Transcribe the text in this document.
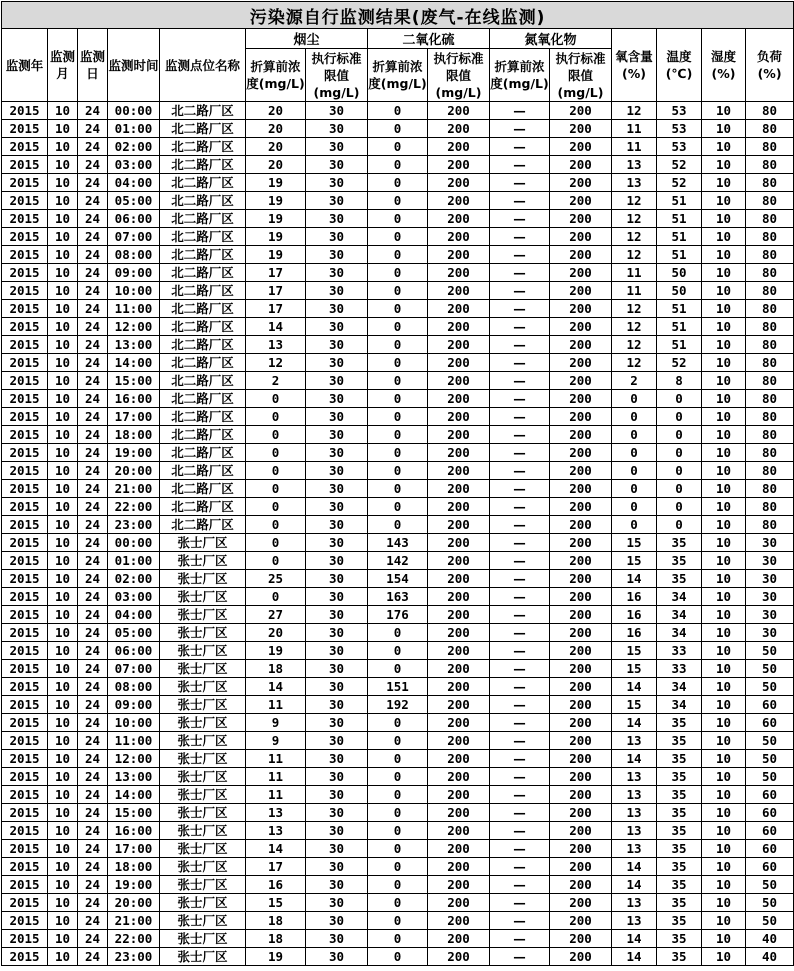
污染源自行监测结果(废气-在线监测)														
监测年	监测月	监测日	监测时间	监测点位名称	烟尘		二氧化硫		氮氧化物		氧含量(%)	温度(℃)	湿度(%)	负荷(%)
					折算前浓度(mg/L)	执行标准限值(mg/L)	折算前浓度(mg/L)	执行标准限值(mg/L)	折算前浓度(mg/L)	执行标准限值(mg/L)				
2015	10	24	00:00	北二路厂区	20	30	0	200	—	200	12	53	10	80
2015	10	24	01:00	北二路厂区	20	30	0	200	—	200	11	53	10	80
2015	10	24	02:00	北二路厂区	20	30	0	200	—	200	11	53	10	80
2015	10	24	03:00	北二路厂区	20	30	0	200	—	200	13	52	10	80
2015	10	24	04:00	北二路厂区	19	30	0	200	—	200	13	52	10	80
2015	10	24	05:00	北二路厂区	19	30	0	200	—	200	12	51	10	80
2015	10	24	06:00	北二路厂区	19	30	0	200	—	200	12	51	10	80
2015	10	24	07:00	北二路厂区	19	30	0	200	—	200	12	51	10	80
2015	10	24	08:00	北二路厂区	19	30	0	200	—	200	12	51	10	80
2015	10	24	09:00	北二路厂区	17	30	0	200	—	200	11	50	10	80
2015	10	24	10:00	北二路厂区	17	30	0	200	—	200	11	50	10	80
2015	10	24	11:00	北二路厂区	17	30	0	200	—	200	12	51	10	80
2015	10	24	12:00	北二路厂区	14	30	0	200	—	200	12	51	10	80
2015	10	24	13:00	北二路厂区	13	30	0	200	—	200	12	51	10	80
2015	10	24	14:00	北二路厂区	12	30	0	200	—	200	12	52	10	80
2015	10	24	15:00	北二路厂区	2	30	0	200	—	200	2	8	10	80
2015	10	24	16:00	北二路厂区	0	30	0	200	—	200	0	0	10	80
2015	10	24	17:00	北二路厂区	0	30	0	200	—	200	0	0	10	80
2015	10	24	18:00	北二路厂区	0	30	0	200	—	200	0	0	10	80
2015	10	24	19:00	北二路厂区	0	30	0	200	—	200	0	0	10	80
2015	10	24	20:00	北二路厂区	0	30	0	200	—	200	0	0	10	80
2015	10	24	21:00	北二路厂区	0	30	0	200	—	200	0	0	10	80
2015	10	24	22:00	北二路厂区	0	30	0	200	—	200	0	0	10	80
2015	10	24	23:00	北二路厂区	0	30	0	200	—	200	0	0	10	80
2015	10	24	00:00	张士厂区	0	30	143	200	—	200	15	35	10	30
2015	10	24	01:00	张士厂区	0	30	142	200	—	200	15	35	10	30
2015	10	24	02:00	张士厂区	25	30	154	200	—	200	14	35	10	30
2015	10	24	03:00	张士厂区	0	30	163	200	—	200	16	34	10	30
2015	10	24	04:00	张士厂区	27	30	176	200	—	200	16	34	10	30
2015	10	24	05:00	张士厂区	20	30	0	200	—	200	16	34	10	30
2015	10	24	06:00	张士厂区	19	30	0	200	—	200	15	33	10	50
2015	10	24	07:00	张士厂区	18	30	0	200	—	200	15	33	10	50
2015	10	24	08:00	张士厂区	14	30	151	200	—	200	14	34	10	50
2015	10	24	09:00	张士厂区	11	30	192	200	—	200	15	34	10	60
2015	10	24	10:00	张士厂区	9	30	0	200	—	200	14	35	10	60
2015	10	24	11:00	张士厂区	9	30	0	200	—	200	13	35	10	50
2015	10	24	12:00	张士厂区	11	30	0	200	—	200	14	35	10	50
2015	10	24	13:00	张士厂区	11	30	0	200	—	200	13	35	10	50
2015	10	24	14:00	张士厂区	11	30	0	200	—	200	13	35	10	60
2015	10	24	15:00	张士厂区	13	30	0	200	—	200	13	35	10	60
2015	10	24	16:00	张士厂区	13	30	0	200	—	200	13	35	10	60
2015	10	24	17:00	张士厂区	14	30	0	200	—	200	13	35	10	60
2015	10	24	18:00	张士厂区	17	30	0	200	—	200	14	35	10	60
2015	10	24	19:00	张士厂区	16	30	0	200	—	200	14	35	10	50
2015	10	24	20:00	张士厂区	15	30	0	200	—	200	13	35	10	50
2015	10	24	21:00	张士厂区	18	30	0	200	—	200	13	35	10	50
2015	10	24	22:00	张士厂区	18	30	0	200	—	200	14	35	10	40
2015	10	24	23:00	张士厂区	19	30	0	200	—	200	14	35	10	40
